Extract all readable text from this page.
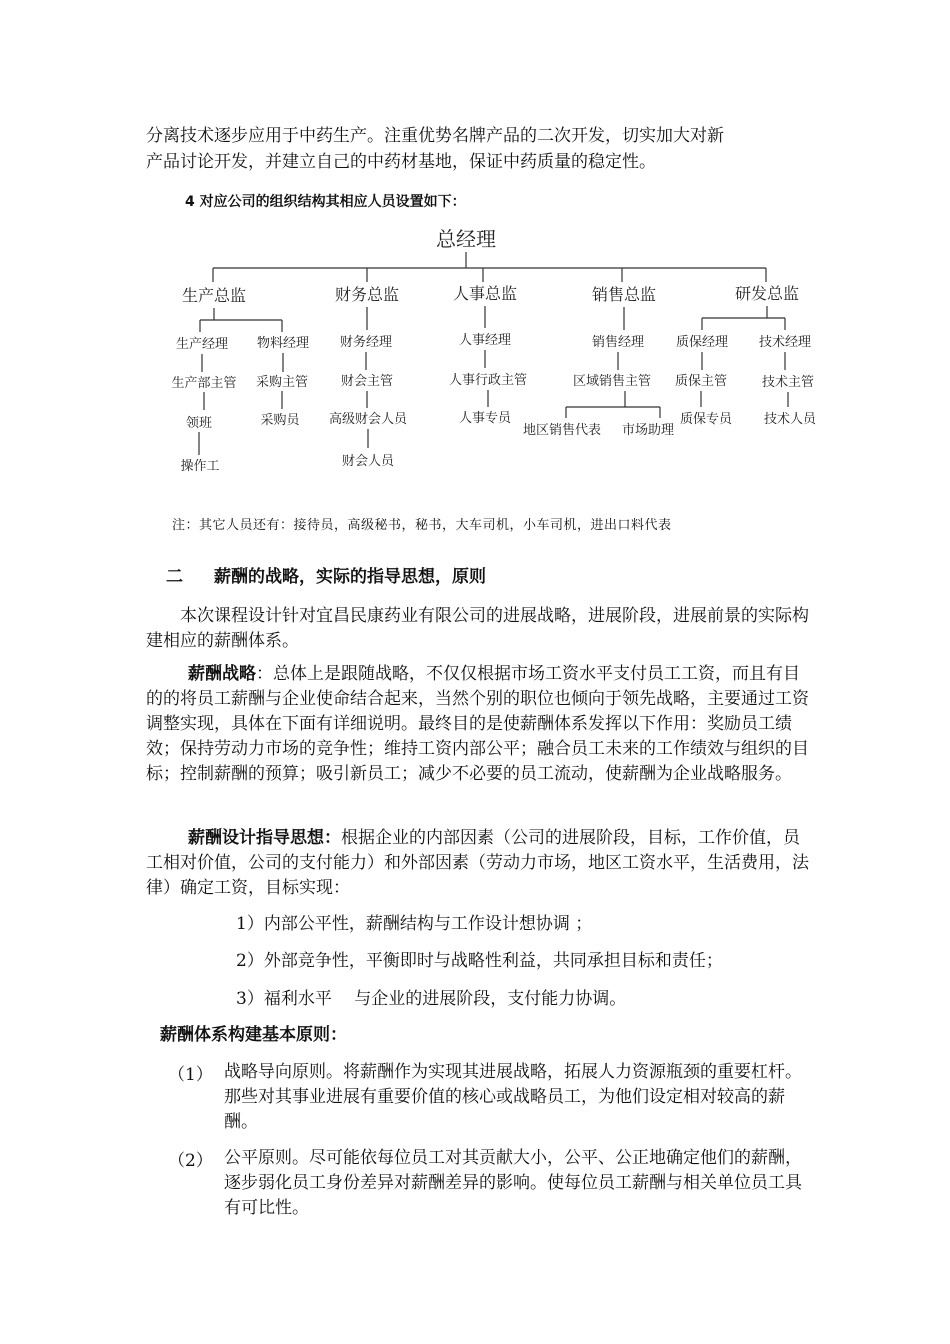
分离技术逐步应用于中药生产。注重优势名牌产品的二次开发，切实加大对新

产品讨论开发，并建立自己的中药材基地，保证中药质量的稳定性。

4 对应公司的组织结构其相应人员设置如下：

总经理
生产总监	财务总监	人事总监	销售总监	研发总监
生产经理
生产部主管
领班
操作工
物料经理
采购主管
采购员
财务经理
财会主管
高级财会人员
财会人员
人事经理
人事行政主管
人事专员
销售经理
区域销售主管
地区销售代表 市场助理
质保经理
质保主管
质保专员
技术经理
技术主管
技术人员
注：其它人员还有：接待员，高级秘书，秘书，大车司机，小车司机，进出口料代表
二 薪酬的战略，实际的指导思想，原则

本次课程设计针对宜昌民康药业有限公司的进展战略，进展阶段，进展前景的实际构建相应的薪酬体系。

薪酬战略：总体上是跟随战略，不仅仅根据市场工资水平支付员工工资，而且有目的的将员工薪酬与企业使命结合起来，当然个别的职位也倾向于领先战略，主要通过工资调整实现，具体在下面有详细说明。最终目的是使薪酬体系发挥以下作用：奖励员工绩效；保持劳动力市场的竞争性；维持工资内部公平；融合员工未来的工作绩效与组织的目标；控制薪酬的预算；吸引新员工；减少不必要的员工流动，使薪酬为企业战略服务。

薪酬设计指导思想：根据企业的内部因素（公司的进展阶段，目标，工作价值，员工相对价值，公司的支付能力）和外部因素（劳动力市场，地区工资水平，生活费用，法律）确定工资，目标实现：

1）内部公平性，薪酬结构与工作设计想协调 ；
2）外部竞争性，平衡即时与战略性利益，共同承担目标和责任；
3）福利水平　 与企业的进展阶段，支付能力协调。
薪酬体系构建基本原则：
（1） 战略导向原则。将薪酬作为实现其进展战略，拓展人力资源瓶颈的重要杠杆。那些对其事业进展有重要价值的核心或战略员工，为他们设定相对较高的薪酬。

（2） 公平原则。尽可能依每位员工对其贡献大小，公平、公正地确定他们的薪酬，逐步弱化员工身份差异对薪酬差异的影响。使每位员工薪酬与相关单位员工具有可比性。
